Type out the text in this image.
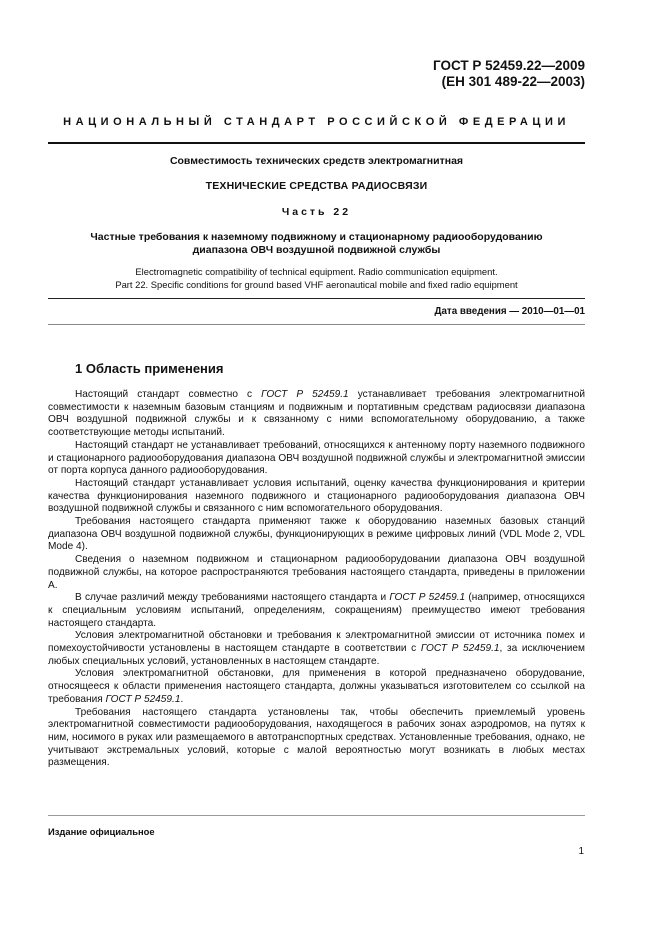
ГОСТ Р 52459.22—2009
(ЕН 301 489-22—2003)
НАЦИОНАЛЬНЫЙ СТАНДАРТ РОССИЙСКОЙ ФЕДЕРАЦИИ
Совместимость технических средств электромагнитная
ТЕХНИЧЕСКИЕ СРЕДСТВА РАДИОСВЯЗИ
Часть 22
Частные требования к наземному подвижному и стационарному радиооборудованию
диапазона ОВЧ воздушной подвижной службы
Electromagnetic compatibility of technical equipment. Radio communication equipment.
Part 22. Specific conditions for ground based VHF aeronautical mobile and fixed radio equipment
Дата введения — 2010—01—01
1 Область применения

Настоящий стандарт совместно с ГОСТ Р 52459.1 устанавливает требования электромагнитной совместимости к наземным базовым станциям и подвижным и портативным средствам радиосвязи диапазона ОВЧ воздушной подвижной службы и к связанному с ними вспомогательному оборудованию, а также соответствующие методы испытаний.

Настоящий стандарт не устанавливает требований, относящихся к антенному порту наземного подвижного и стационарного радиооборудования диапазона ОВЧ воздушной подвижной службы и электромагнитной эмиссии от порта корпуса данного радиооборудования.

Настоящий стандарт устанавливает условия испытаний, оценку качества функционирования и критерии качества функционирования наземного подвижного и стационарного радиооборудования диапазона ОВЧ воздушной подвижной службы и связанного с ним вспомогательного оборудования.

Требования настоящего стандарта применяют также к оборудованию наземных базовых станций диапазона ОВЧ воздушной подвижной службы, функционирующих в режиме цифровых линий (VDL Mode 2, VDL Mode 4).

Сведения о наземном подвижном и стационарном радиооборудовании диапазона ОВЧ воздушной подвижной службы, на которое распространяются требования настоящего стандарта, приведены в приложении А.

В случае различий между требованиями настоящего стандарта и ГОСТ Р 52459.1 (например, относящихся к специальным условиям испытаний, определениям, сокращениям) преимущество имеют требования настоящего стандарта.

Условия электромагнитной обстановки и требования к электромагнитной эмиссии от источника помех и помехоустойчивости установлены в настоящем стандарте в соответствии с ГОСТ Р 52459.1, за исключением любых специальных условий, установленных в настоящем стандарте.

Условия электромагнитной обстановки, для применения в которой предназначено оборудование, относящееся к области применения настоящего стандарта, должны указываться изготовителем со ссылкой на требования ГОСТ Р 52459.1.

Требования настоящего стандарта установлены так, чтобы обеспечить приемлемый уровень электромагнитной совместимости радиооборудования, находящегося в рабочих зонах аэродромов, на путях к ним, носимого в руках или размещаемого в автотранспортных средствах. Установленные требования, однако, не учитывают экстремальных условий, которые с малой вероятностью могут возникать в любых местах размещения.

Издание официальное
1
